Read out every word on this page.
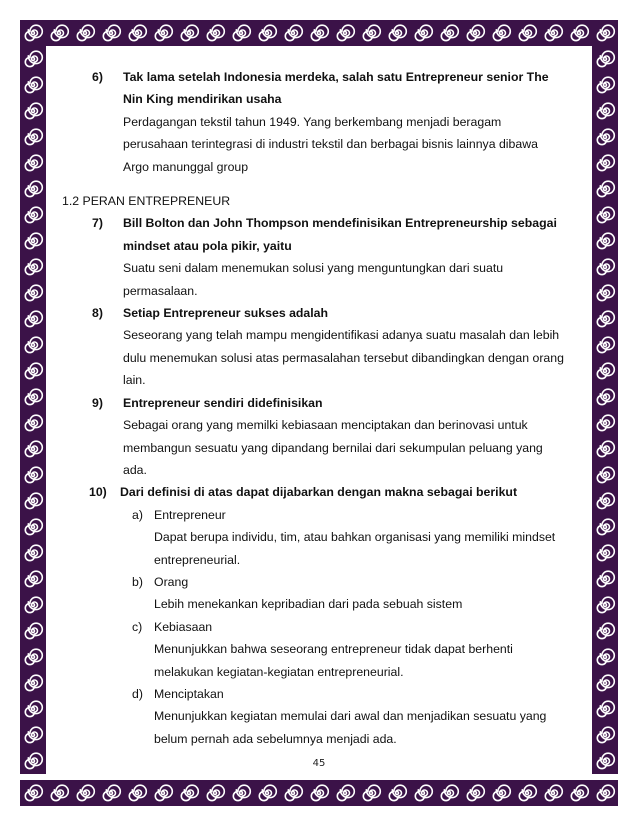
6)	Tak lama setelah Indonesia merdeka, salah satu Entrepreneur senior The
Nin King mendirikan usaha
Perdagangan tekstil tahun 1949. Yang berkembang menjadi beragam
perusahaan terintegrasi di industri tekstil dan berbagai bisnis lainnya dibawa
Argo manunggal group
1.2 PERAN ENTREPRENEUR
7)	Bill Bolton dan John Thompson mendefinisikan Entrepreneurship sebagai
mindset atau pola pikir, yaitu
Suatu seni dalam menemukan solusi yang menguntungkan dari suatu
permasalaan.
8)	Setiap Entrepreneur sukses adalah
Seseorang yang telah mampu mengidentifikasi adanya suatu masalah dan lebih
dulu menemukan solusi atas permasalahan tersebut dibandingkan dengan orang
lain.
9)	Entrepreneur sendiri didefinisikan
Sebagai orang yang memilki kebiasaan menciptakan dan berinovasi untuk
membangun sesuatu yang dipandang bernilai dari sekumpulan peluang yang
ada.
10)	Dari definisi di atas dapat dijabarkan dengan makna sebagai berikut
a) Entrepreneur
Dapat berupa individu, tim, atau bahkan organisasi yang memiliki mindset
entrepreneurial.
b) Orang
Lebih menekankan kepribadian dari pada sebuah sistem
c) Kebiasaan
Menunjukkan bahwa seseorang entrepreneur tidak dapat berhenti
melakukan kegiatan-kegiatan entrepreneurial.
d) Menciptakan
Menunjukkan kegiatan memulai dari awal dan menjadikan sesuatu yang
belum pernah ada sebelumnya menjadi ada.
45
